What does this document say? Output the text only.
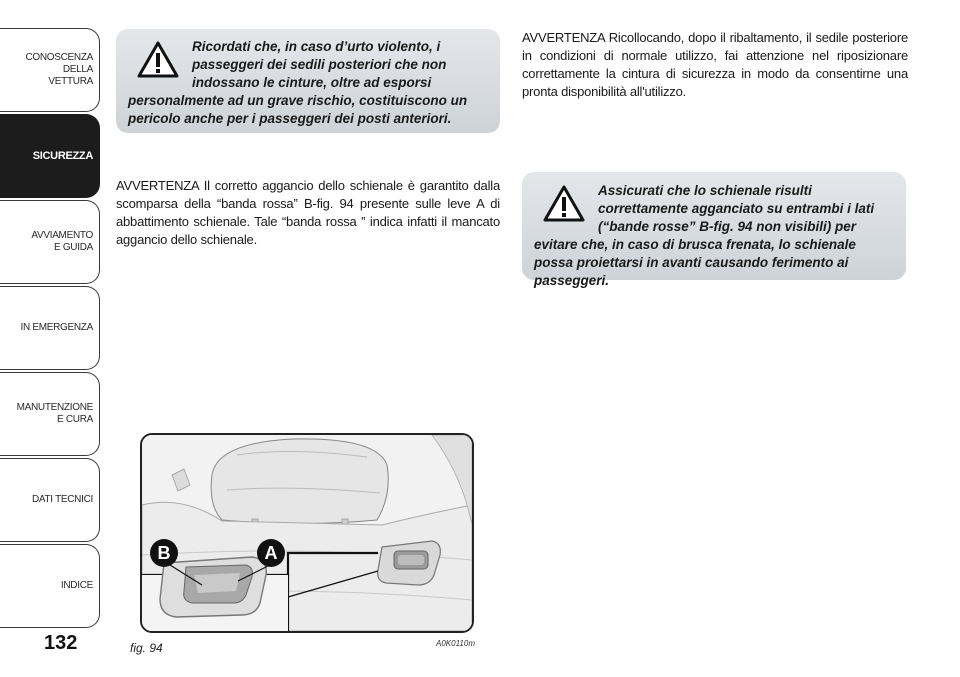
CONOSCENZA
DELLA
VETTURA
SICUREZZA
AVVIAMENTO
E GUIDA
IN EMERGENZA
MANUTENZIONE
E CURA
DATI TECNICI
INDICE
132

Ricordati che, in caso d’urto violento, i passeggeri dei sedili posteriori che non indossano le cinture, oltre ad esporsi personalmente ad un grave rischio, costituiscono un pericolo anche per i passeggeri dei posti anteriori.

AVVERTENZA Il corretto aggancio dello schienale è garantito dalla scomparsa della “banda rossa” B-fig. 94 presente sulle leve A di abbattimento schienale. Tale “banda rossa ” indica infatti il mancato aggancio dello schienale.

AVVERTENZA Ricollocando, dopo il ribaltamento, il sedile posteriore in condizioni di normale utilizzo, fai attenzione nel riposizionare correttamente la cintura di sicurezza in modo da consentirne una pronta disponibilità all'utilizzo.

Assicurati che lo schienale risulti correttamente agganciato su entrambi i lati (“bande rosse” B-fig. 94 non visibili) per evitare che, in caso di brusca frenata, lo schienale possa proiettarsi in avanti causando ferimento ai passeggeri.

B	A
fig. 94	A0K0110m
